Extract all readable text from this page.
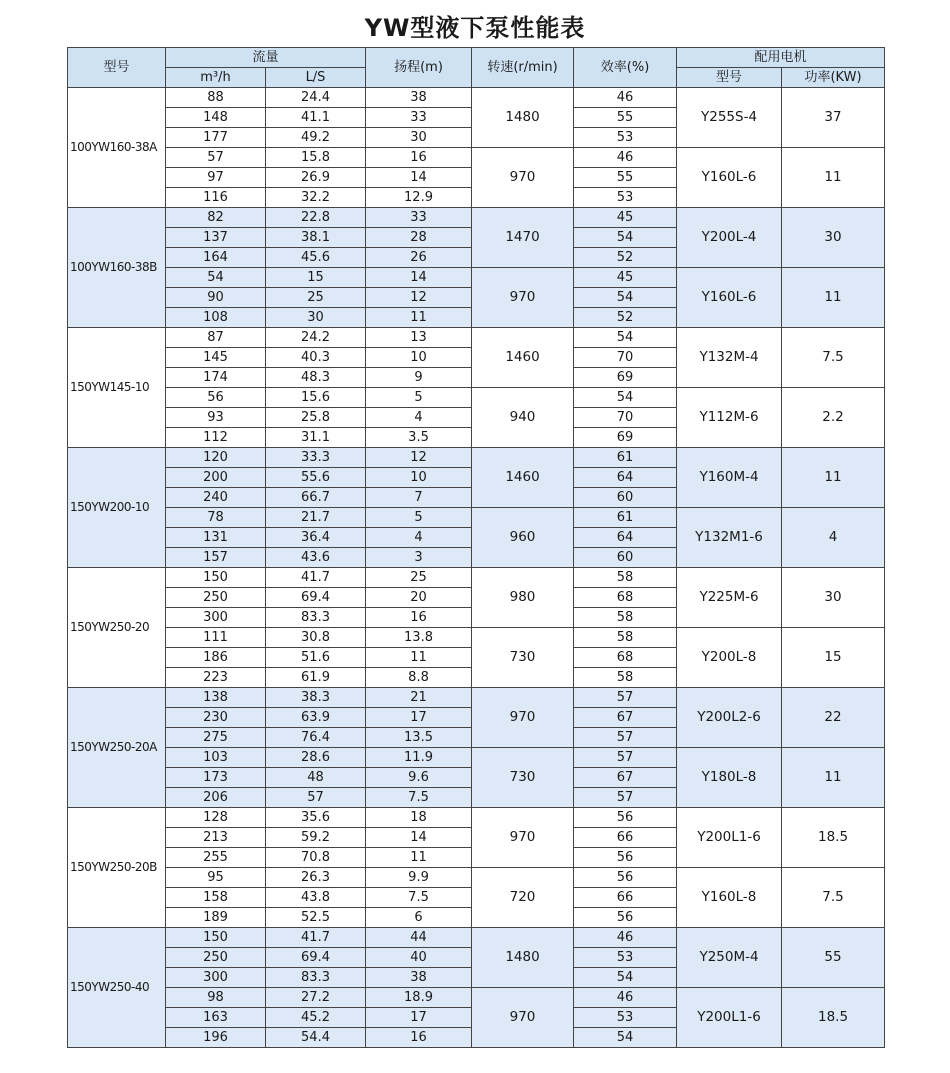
YW型液下泵性能表
型号	流量		扬程(m)	转速(r/min)	效率(%)	配用电机	
	m³/h	L/S				型号	功率(KW)
100YW160-38A	88	24.4	38	1480	46	Y255S-4	37
	148	41.1	33		55		
	177	49.2	30		53		
	57	15.8	16	970	46	Y160L-6	11
	97	26.9	14		55		
	116	32.2	12.9		53		
100YW160-38B	82	22.8	33	1470	45	Y200L-4	30
	137	38.1	28		54		
	164	45.6	26		52		
	54	15	14	970	45	Y160L-6	11
	90	25	12		54		
	108	30	11		52		
150YW145-10	87	24.2	13	1460	54	Y132M-4	7.5
	145	40.3	10		70		
	174	48.3	9		69		
	56	15.6	5	940	54	Y112M-6	2.2
	93	25.8	4		70		
	112	31.1	3.5		69		
150YW200-10	120	33.3	12	1460	61	Y160M-4	11
	200	55.6	10		64		
	240	66.7	7		60		
	78	21.7	5	960	61	Y132M1-6	4
	131	36.4	4		64		
	157	43.6	3		60		
150YW250-20	150	41.7	25	980	58	Y225M-6	30
	250	69.4	20		68		
	300	83.3	16		58		
	111	30.8	13.8	730	58	Y200L-8	15
	186	51.6	11		68		
	223	61.9	8.8		58		
150YW250-20A	138	38.3	21	970	57	Y200L2-6	22
	230	63.9	17		67		
	275	76.4	13.5		57		
	103	28.6	11.9	730	57	Y180L-8	11
	173	48	9.6		67		
	206	57	7.5		57		
150YW250-20B	128	35.6	18	970	56	Y200L1-6	18.5
	213	59.2	14		66		
	255	70.8	11		56		
	95	26.3	9.9	720	56	Y160L-8	7.5
	158	43.8	7.5		66		
	189	52.5	6		56		
150YW250-40	150	41.7	44	1480	46	Y250M-4	55
	250	69.4	40		53		
	300	83.3	38		54		
	98	27.2	18.9	970	46	Y200L1-6	18.5
	163	45.2	17		53		
	196	54.4	16		54		
